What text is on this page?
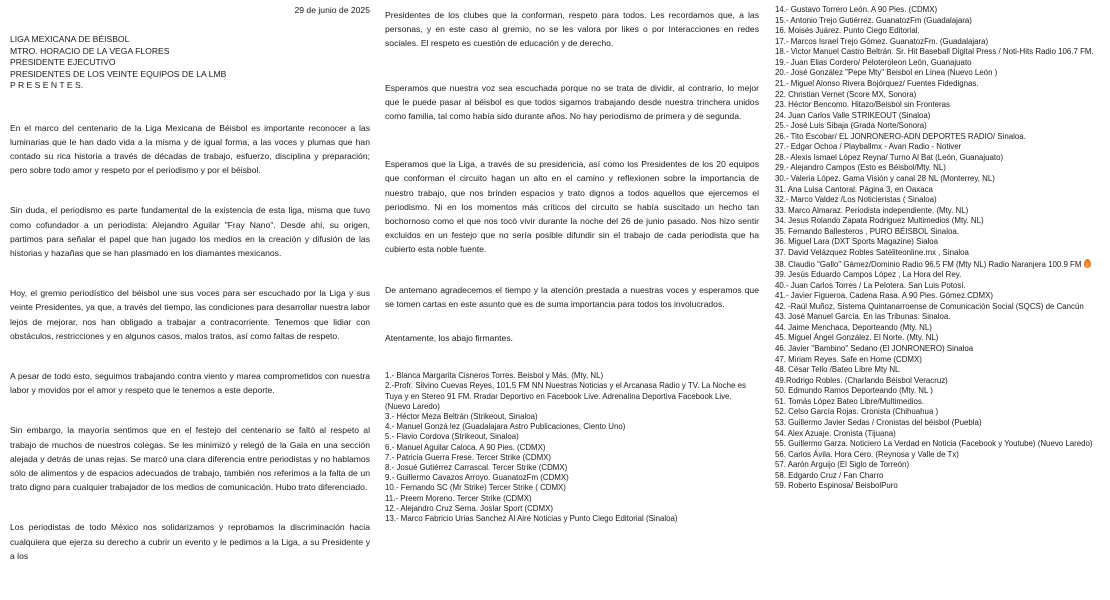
29 de junio de 2025

LIGA MEXICANA DE BÉISBOL
MTRO. HORACIO DE LA VEGA FLORES
PRESIDENTE EJECUTIVO
PRESIDENTES DE LOS VEINTE EQUIPOS DE LA LMB
P R E S E N T E S.

En el marco del centenario de la Liga Mexicana de Béisbol es importante reconocer a las luminarias que le han dado vida a la misma y de igual forma, a las voces y plumas que han contado su rica historia a través de décadas de trabajo, esfuerzo, disciplina y preparación; pero sobre todo amor y respeto por el periodismo y por el béisbol.

Sin duda, el periodismo es parte fundamental de la existencia de esta liga, misma que tuvo como cofundador a un periodista: Alejandro Aguilar "Fray Nano". Desde ahí, su origen, partimos para señalar el papel que han jugado los medios en la creación y difusión de las historias y hazañas que se han plasmado en los diamantes mexicanos.

Hoy, el gremio periodístico del béisbol une sus voces para ser escuchado por la Liga y sus veinte Presidentes, ya que, a través del tiempo, las condiciones para desarrollar nuestra labor lejos de mejorar, nos han obligado a trabajar a contracorriente. Tenemos que lidiar con obstáculos, restricciones y en algunos casos, malos tratos, así como faltas de respeto.

A pesar de todo esto, seguimos trabajando contra viento y marea comprometidos con nuestra labor y movidos por el amor y respeto que le tenemos a este deporte.

Sin embargo, la mayoría sentimos que en el festejo del centenario se faltó al respeto al trabajo de muchos de nuestros colegas. Se les minimizó y relegó de la Gala en una sección alejada y detrás de unas rejas. Se marcó una clara diferencia entre periodistas y no hablamos sólo de alimentos y de espacios adecuados de trabajo, también nos referimos a la falta de un trato digno para cualquier trabajador de los medios de comunicación. Hubo trato diferenciado.

Los periodistas de todo México nos solidarizamos y reprobamos la discriminación hacia cualquiera que ejerza su derecho a cubrir un evento y le pedimos a la Liga, a su Presidente y a los

Presidentes de los clubes que la conforman, respeto para todos. Les recordamos que, a las personas, y en este caso al gremio, no se les valora por likes o por Interacciones en redes sociales. El respeto es cuestión de educación y de derecho.

Esperamos que nuestra voz sea escuchada porque no se trata de dividir, al contrario, lo mejor que le puede pasar al béisbol es que todos sigamos trabajando desde nuestra trinchera unidos como familia, tal como había sido durante años. No hay periodismo de primera y de segunda.

Esperamos que la Liga, a través de su presidencia, así como los Presidentes de los 20 equipos que conforman el circuito hagan un alto en el camino y reflexionen sobre la importancia de nuestro trabajo, que nos brinden espacios y trato dignos a todos aquellos que ejercemos el periodismo. Ni en los momentos más críticos del circuito se había suscitado un hecho tan bochornoso como el que nos tocó vivir durante la noche del 26 de junio pasado. Nos hizo sentir excluidos en un festejo que no sería posible difundir sin el trabajo de cada periodista que ha cubierto esta noble fuente.

De antemano agradecemos el tiempo y la atención prestada a nuestras voces y esperamos que se tomen cartas en este asunto que es de suma importancia para todos los involucrados.

Atentamente, los abajo firmantes.

1.- Blanca Margarita Cisneros Torres. Beisbol y Más. (Mty, NL)
2.-Profr. Silvino Cuevas Reyes, 101.5 FM NN Nuestras Noticias y el Arcanasa Radio y TV. La Noche es Tuya y en Stereo 91 FM. Rradar Deportivo en Facebook Live. Adrenalina Deportiva Facebook Live. (Nuevo Laredo)
3.- Héctor Meza Beltrán (Strikeout, Sinaloa)
4.- Manuel Gonzá lez (Guadalajara Astro Publicaciones, Ciento Uno)
5.- Flavio Cordova (Strikeout, Sinaloa)
6.- Manuel Aguilar Caloca. A 90 Pies. (CDMX)
7.- Patricia Guerra Frese. Tercer Strike (CDMX)
8.- Josué Gutiérrez Carrascal. Tercer Strike (CDMX)
9.- Guillermo Cavazos Arroyo. GuanatozFm (CDMX)
10.- Fernando SC (Mr Strike) Tercer Strike ( CDMX)
11.- Preem Moreno. Tercer Strike (CDMX)
12.- Alejandro Cruz Serna. Joslar Sport (CDMX)
13.- Marco Fabricio Urias Sanchez Al Aire Noticias y Punto Ciego Editorial (Sinaloa)
14.- Gustavo Torrero León. A 90 Pies. (CDMX)
15.- Antonio Trejo Gutiérrez. GuanatozFm (Guadalajara)
16. Moisés Juárez. Punto Ciego Editorial.
17.- Marcos Israel Trejo Gómez. GuanatozFm. (Guadalajara)
18.- Victor Manuel Castro Beltrán. Sr. Hit Baseball Digital Press / Noti-Hits Radio 106.7 FM.
19.- Juan Elias Cordero/ Peloteroleon León, Guanajuato
20.- José González "Pepe Mty" Beisbol en Línea (Nuevo León )
21.- Miguel Alonso Rivera Bojórquez/ Fuentes Fidedignas.
22. Christian Vernet (Score MX, Sonora)
23. Héctor Bencomo. Hitazo/Beisbol sin Fronteras
24. Juan Carlos Valle STRIKEOUT (Sinaloa)
25.- José Luis Sibaja (Grada Norte/Sonora)
26.- Tito Escobar/ EL JONRONERO-ADN DEPORTES RADIO/ Sinaloa.
27.- Edgar Ochoa / Playballmx - Avan Radio - Notiver
28.- Alexis Ismael López Reyna/ Turno Al Bat (León, Guanajuato)
29.- Alejandro Campos (Esto es Béisbol/Mty. NL)
30.- Valeria López. Gama Visión y canal 28 NL (Monterrey, NL)
31. Ana Luisa Cantoral. Página 3, en Oaxaca
32.- Marco Valdez /Los Noticieristas ( Sinaloa)
33. Marco Almaraz. Periodista independiente. (Mty. NL)
34. Jesus Rolando Zapata Rodriguez Multimedios (Mty. NL)
35. Fernando Ballesteros , PURO BÉISBOL Sinaloa.
36. Miguel Lara (DXT Sports Magazine) Sialoa
37. David Velázquez Robles Satéliteonline.mx , Sinaloa
38. Claudio "Gallo" Gámez/Dominio Radio 96.5 FM (Mty NL) Radio Naranjera 100.9 FM
39. Jesús Eduardo Campos López , La Hora del Rey.
40.- Juan Carlos Torres / La Pelotera. San Luis Potosí.
41.- Javier Figueroa. Cadena Rasa. A 90 Pies. Gómez.CDMX)
42. -Raúl Muñoz, Sistema Quintanarroense de Comunicación Social (SQCS) de Cancún
43. José Manuel García. En las Tribunas. Sinaloa.
44. Jaime Menchaca, Deporteando (Mty. NL)
45. Miguel Ángel González. El Norte. (Mty. NL)
46. Javier "Bambino" Sedano (El JONRONERO) Sinaloa
47. Miriam Reyes. Safe en Home (CDMX)
48. César Tello /Bateo Libre Mty NL
49.Rodrigo Robles. (Charlando Béisbol Veracruz)
50. Edmundo Ramos Deporteando (Mty. NL )
51. Tomás López Bateo Libre/Multimedios.
52. Celso García Rojas. Cronista (Chihuahua )
53. Guillermo Javier Sedas / Cronistas del béisbol (Puebla)
54. Alex Azuaje. Cronista (Tijuana)
55. Guillermo Garza. Noticiero La Verdad en Noticia (Facebook y Youtube) (Nuevo Laredo)
56. Carlos Ávila. Hora Cero. (Reynosa y Valle de Tx)
57. Aarón Arguijo (El Siglo de Torreón)
58. Edgardo Cruz / Fan Charro
59. Roberto Espinosa/ BeisbolPuro
